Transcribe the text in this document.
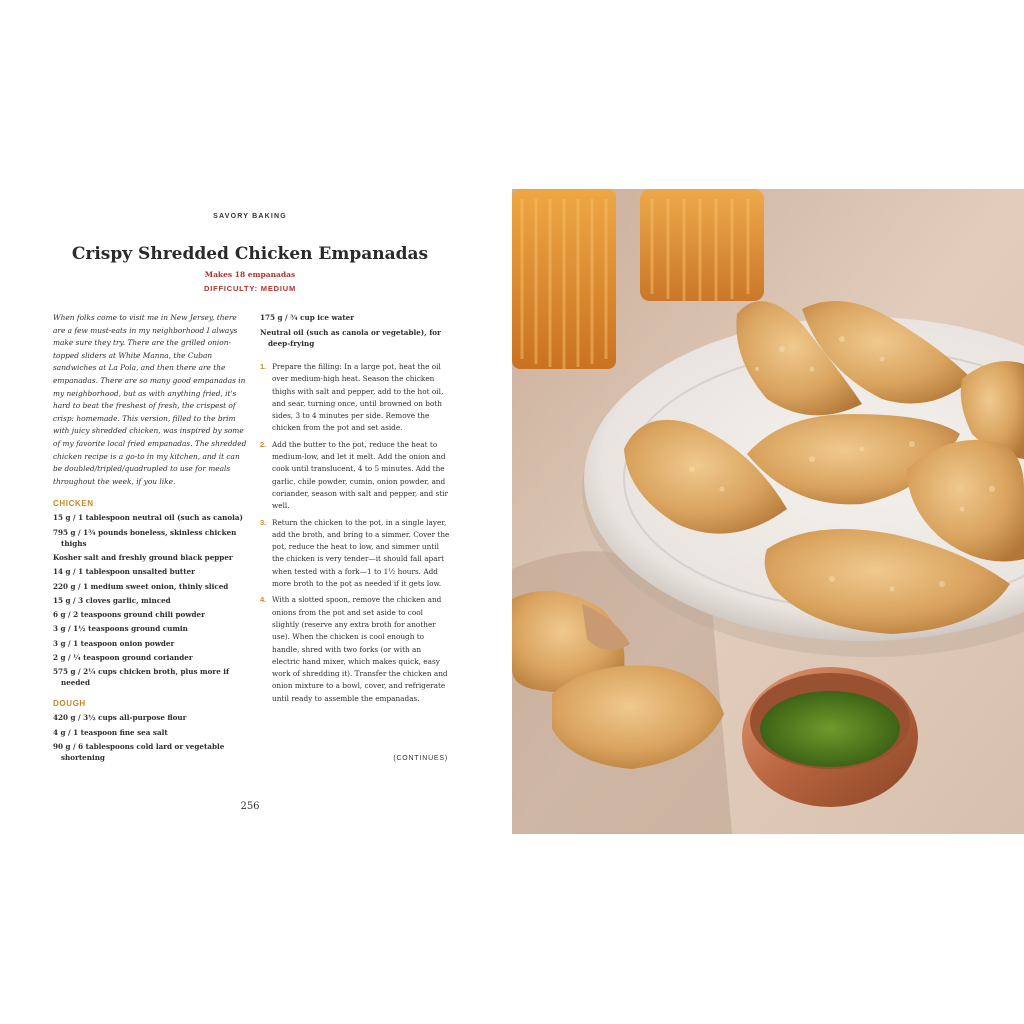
SAVORY BAKING
Crispy Shredded Chicken Empanadas
Makes 18 empanadas
DIFFICULTY: MEDIUM

When folks come to visit me in New Jersey, there are a few must-eats in my neighborhood I always make sure they try. There are the grilled onion-topped sliders at White Manna, the Cuban sandwiches at La Pola, and then there are the empanadas. There are so many good empanadas in my neighborhood, but as with anything fried, it's hard to beat the freshest of fresh, the crispest of crisp: homemade. This version, filled to the brim with juicy shredded chicken, was inspired by some of my favorite local fried empanadas. The shredded chicken recipe is a go-to in my kitchen, and it can be doubled/tripled/quadrupled to use for meals throughout the week, if you like.

CHICKEN
15 g / 1 tablespoon neutral oil (such as canola)
795 g / 1¾ pounds boneless, skinless chicken thighs
Kosher salt and freshly ground black pepper
14 g / 1 tablespoon unsalted butter
220 g / 1 medium sweet onion, thinly sliced
15 g / 3 cloves garlic, minced
6 g / 2 teaspoons ground chili powder
3 g / 1½ teaspoons ground cumin
3 g / 1 teaspoon onion powder
2 g / ¼ teaspoon ground coriander
575 g / 2¼ cups chicken broth, plus more if needed
DOUGH
420 g / 3½ cups all-purpose flour
4 g / 1 teaspoon fine sea salt
90 g / 6 tablespoons cold lard or vegetable shortening
175 g / ¾ cup ice water
Neutral oil (such as canola or vegetable), for deep-frying
1. Prepare the filling: In a large pot, heat the oil over medium-high heat. Season the chicken thighs with salt and pepper, add to the hot oil, and sear, turning once, until browned on both sides, 3 to 4 minutes per side. Remove the chicken from the pot and set aside.
2. Add the butter to the pot, reduce the heat to medium-low, and let it melt. Add the onion and cook until translucent, 4 to 5 minutes. Add the garlic, chile powder, cumin, onion powder, and coriander, season with salt and pepper, and stir well.
3. Return the chicken to the pot, in a single layer, add the broth, and bring to a simmer. Cover the pot, reduce the heat to low, and simmer until the chicken is very tender—it should fall apart when tested with a fork—1 to 1½ hours. Add more broth to the pot as needed if it gets low.
4. With a slotted spoon, remove the chicken and onions from the pot and set aside to cool slightly (reserve any extra broth for another use). When the chicken is cool enough to handle, shred with two forks (or with an electric hand mixer, which makes quick, easy work of shredding it). Transfer the chicken and onion mixture to a bowl, cover, and refrigerate until ready to assemble the empanadas.
(CONTINUES)
256
